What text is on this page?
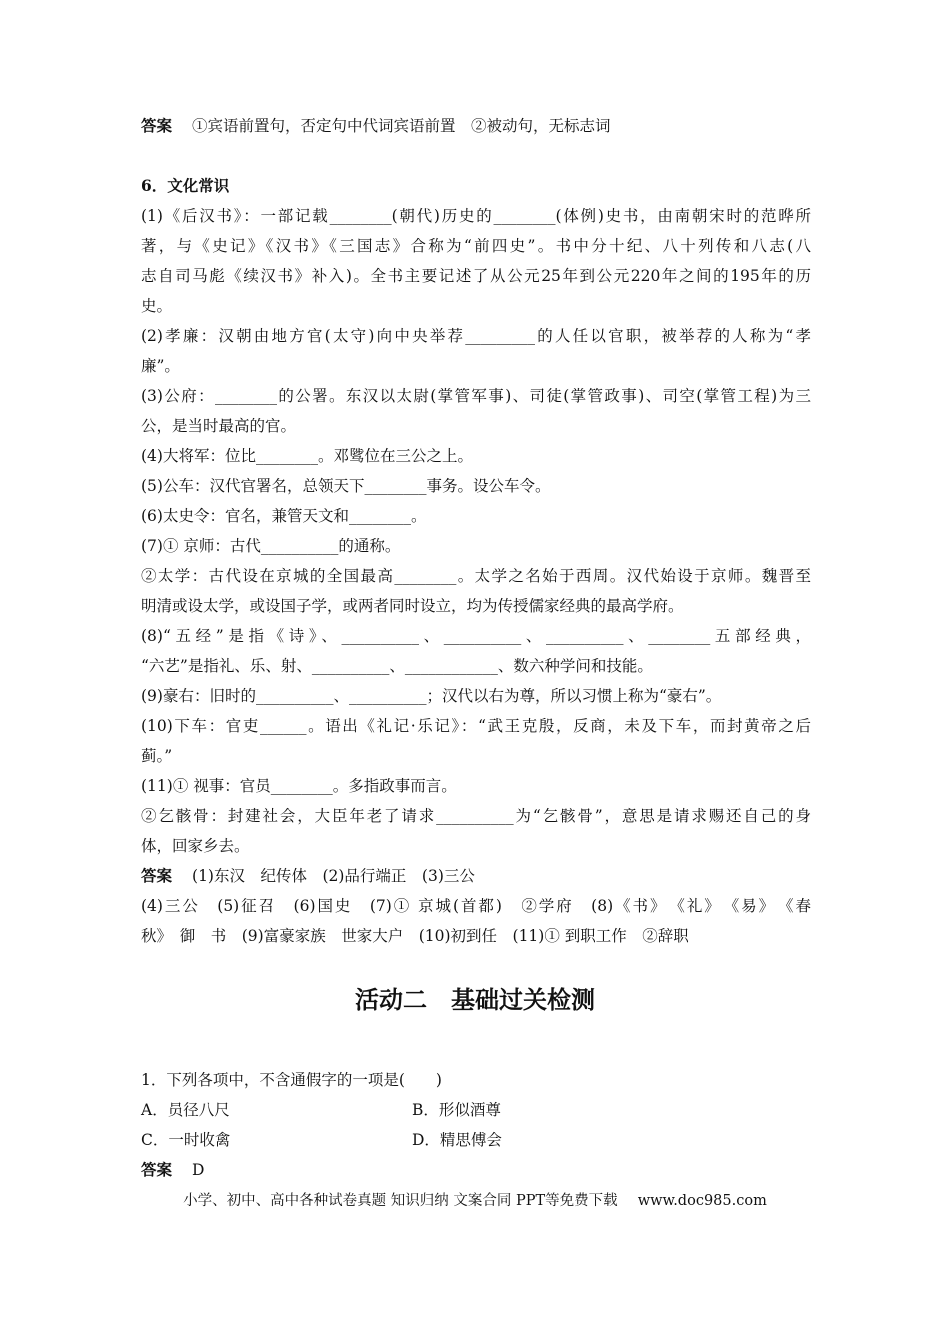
答案 ①宾语前置句，否定句中代词宾语前置　②被动句，无标志词
6．文化常识
(1)《后汉书》：一部记载________(朝代)历史的________(体例)史书，由南朝宋时的范晔所
著，与《史记》《汉书》《三国志》合称为“前四史”。书中分十纪、八十列传和八志(八
志自司马彪《续汉书》补入)。全书主要记述了从公元25年到公元220年之间的195年的历
史。
(2)孝廉：汉朝由地方官(太守)向中央举荐_________的人任以官职，被举荐的人称为“孝
廉”。
(3)公府：________的公署。东汉以太尉(掌管军事)、司徒(掌管政事)、司空(掌管工程)为三
公，是当时最高的官。
(4)大将军：位比________。邓骘位在三公之上。
(5)公车：汉代官署名，总领天下________事务。设公车令。
(6)太史令：官名，兼管天文和________。
(7)① 京师：古代__________的通称。
②太学：古代设在京城的全国最高________。太学之名始于西周。汉代始设于京师。魏晋至
明清或设太学，或设国子学，或两者同时设立，均为传授儒家经典的最高学府。
(8)“五经”是指《诗》、__________、__________、__________、________五部经典，
“六艺”是指礼、乐、射、__________、____________、数六种学问和技能。
(9)豪右：旧时的__________、__________；汉代以右为尊，所以习惯上称为“豪右”。
(10)下车：官吏______。语出《礼记·乐记》：“武王克殷，反商，未及下车，而封黄帝之后
蓟。”
(11)① 视事：官员________。多指政事而言。
②乞骸骨：封建社会，大臣年老了请求__________为“乞骸骨”，意思是请求赐还自己的身
体，回家乡去。
答案 (1)东汉　纪传体　(2)品行端正　(3)三公
(4)三公　(5)征召　(6)国史　(7)① 京城(首都)　②学府　(8)《书》　《礼》　《易》　《春
秋》　御　书　(9)富豪家族　世家大户　(10)初到任　(11)① 到职工作　②辞职
活动二　基础过关检测
1．下列各项中，不含通假字的一项是(　　)
A．员径八尺	B．形似酒尊
C．一时收禽	D．精思傅会
答案 D
小学、初中、高中各种试卷真题 知识归纳 文案合同 PPT等免费下载 www.doc985.com
